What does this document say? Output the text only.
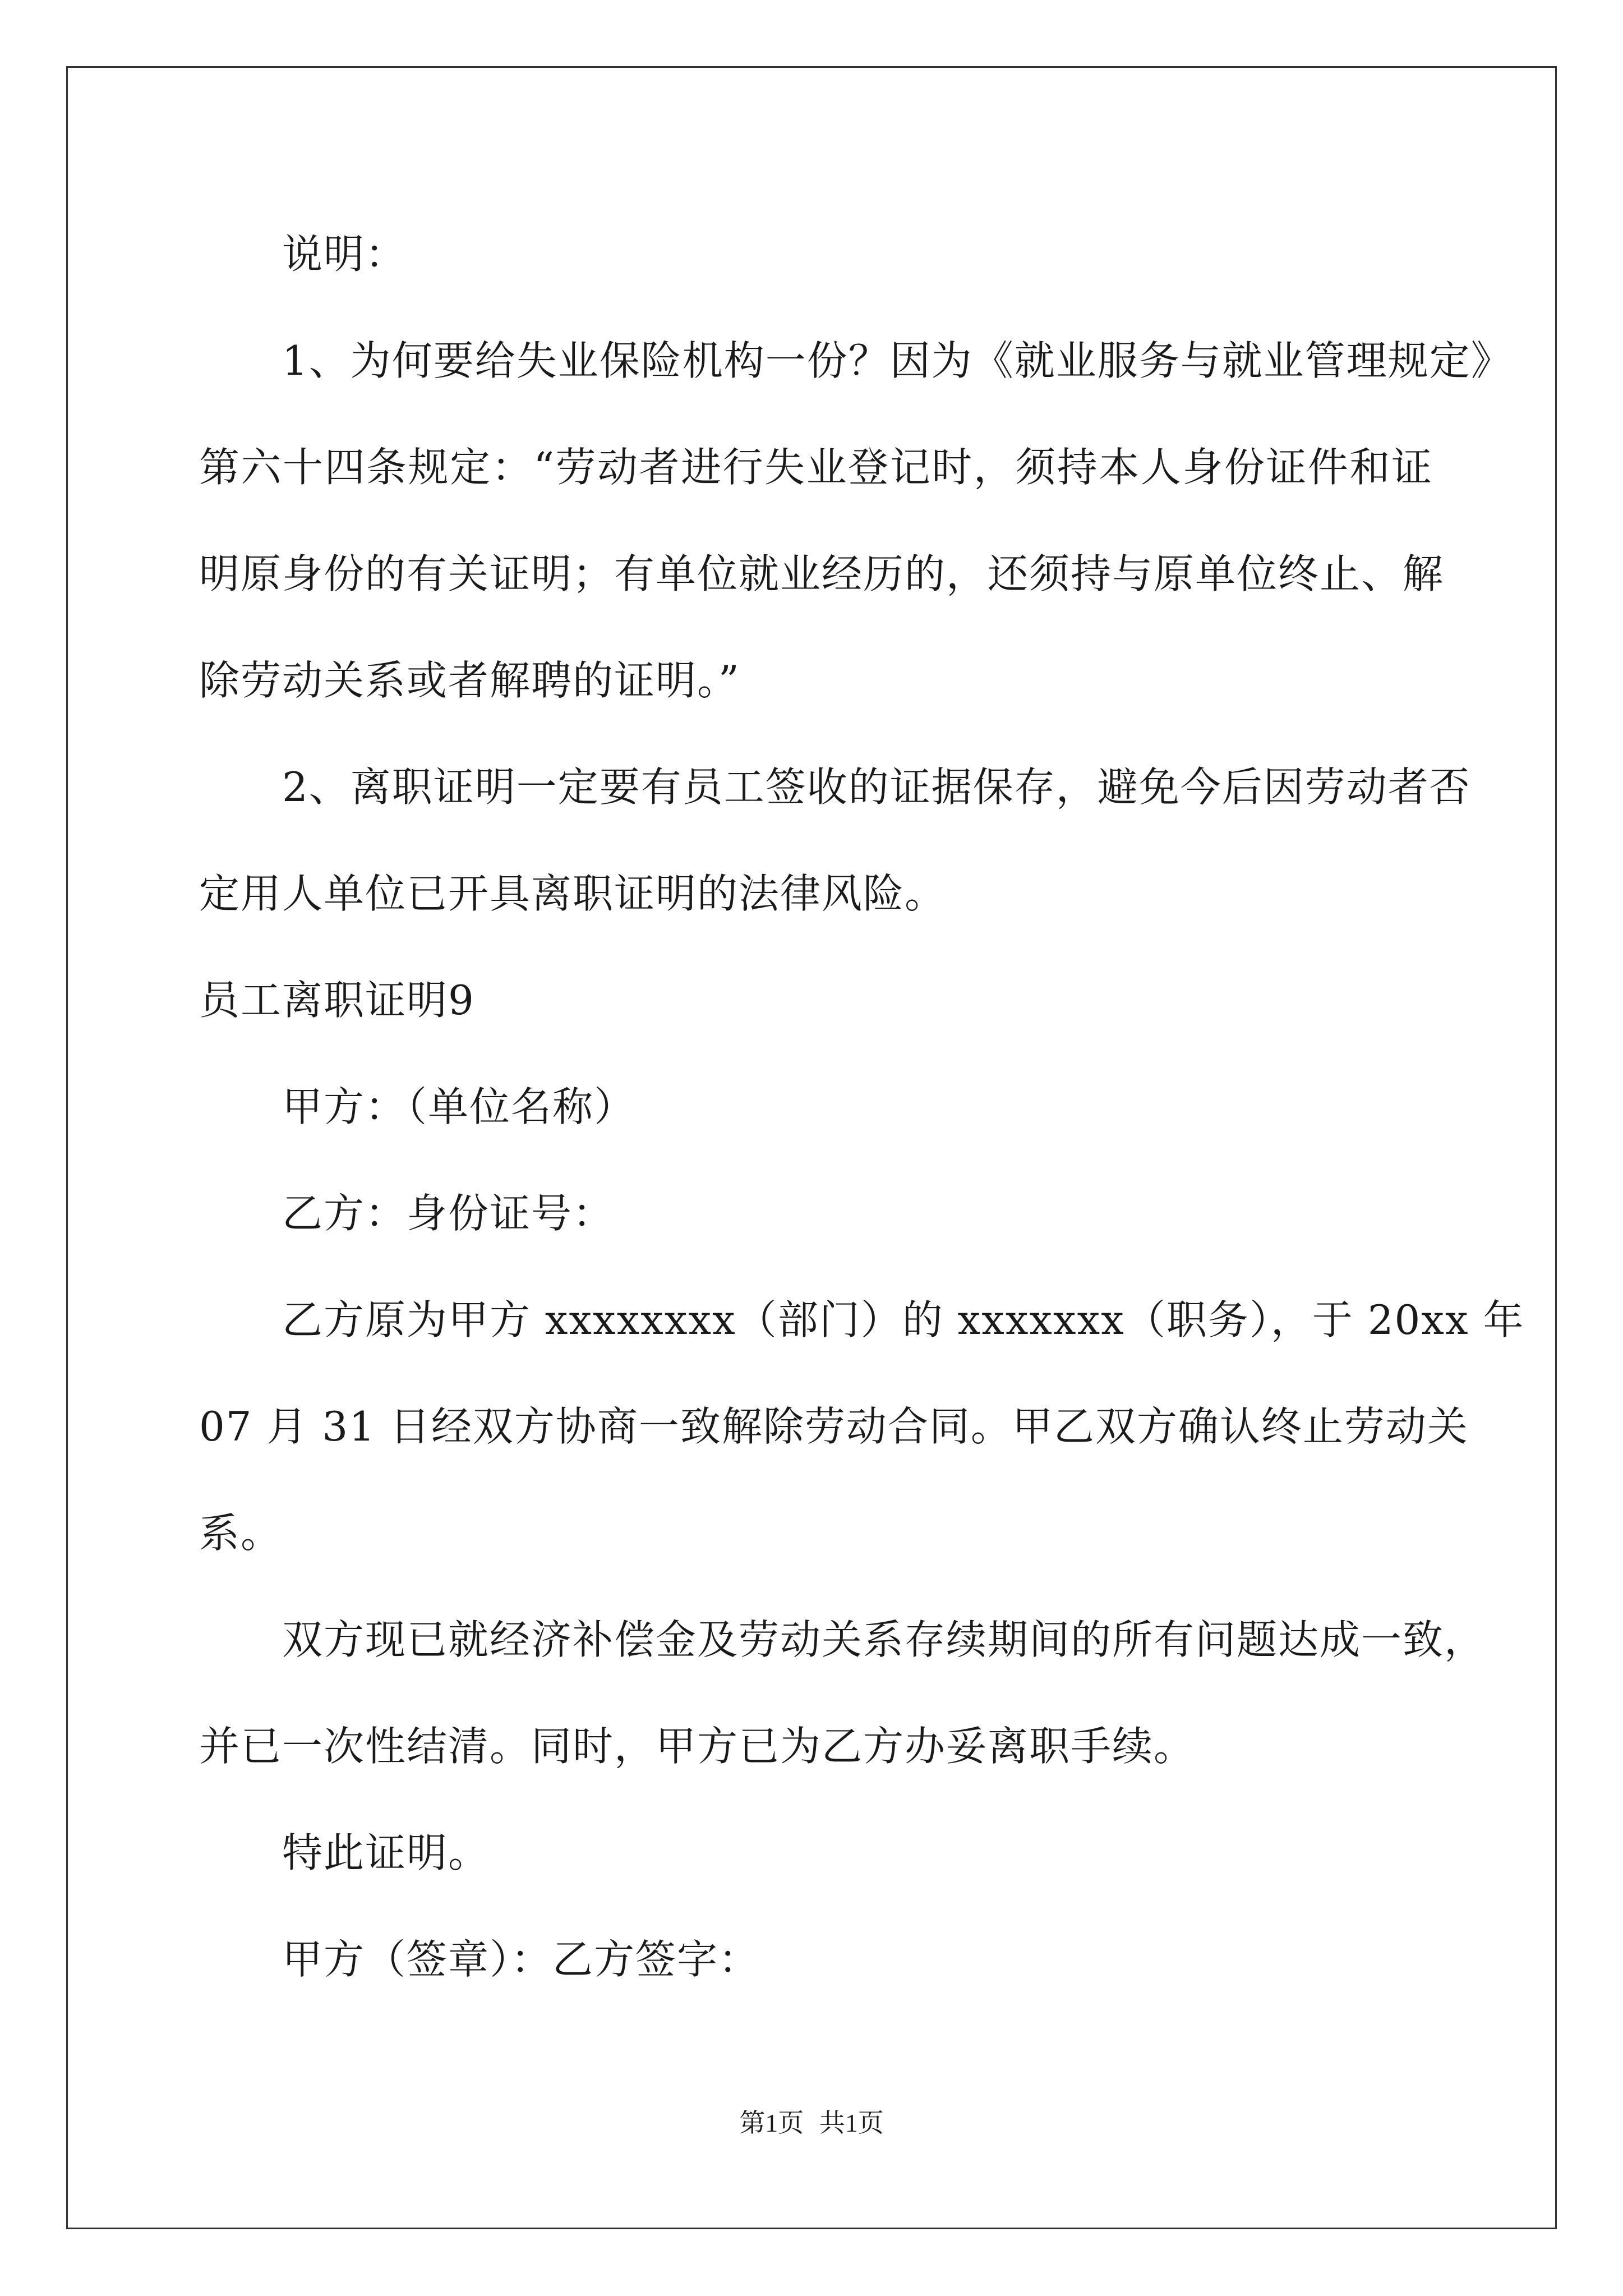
说明：
1、为何要给失业保险机构一份？因为《就业服务与就业管理规定》
第六十四条规定：“劳动者进行失业登记时，须持本人身份证件和证
明原身份的有关证明；有单位就业经历的，还须持与原单位终止、解
除劳动关系或者解聘的证明。”
2、离职证明一定要有员工签收的证据保存，避免今后因劳动者否
定用人单位已开具离职证明的法律风险。
员工离职证明9
甲方：（单位名称）
乙方：身份证号：
乙方原为甲方 xxxxxxxx（部门）的 xxxxxxx（职务），于 20xx 年
07 月 31 日经双方协商一致解除劳动合同。甲乙双方确认终止劳动关
系。
双方现已就经济补偿金及劳动关系存续期间的所有问题达成一致，
并已一次性结清。同时，甲方已为乙方办妥离职手续。
特此证明。
甲方（签章）：乙方签字：
第1页 共1页
